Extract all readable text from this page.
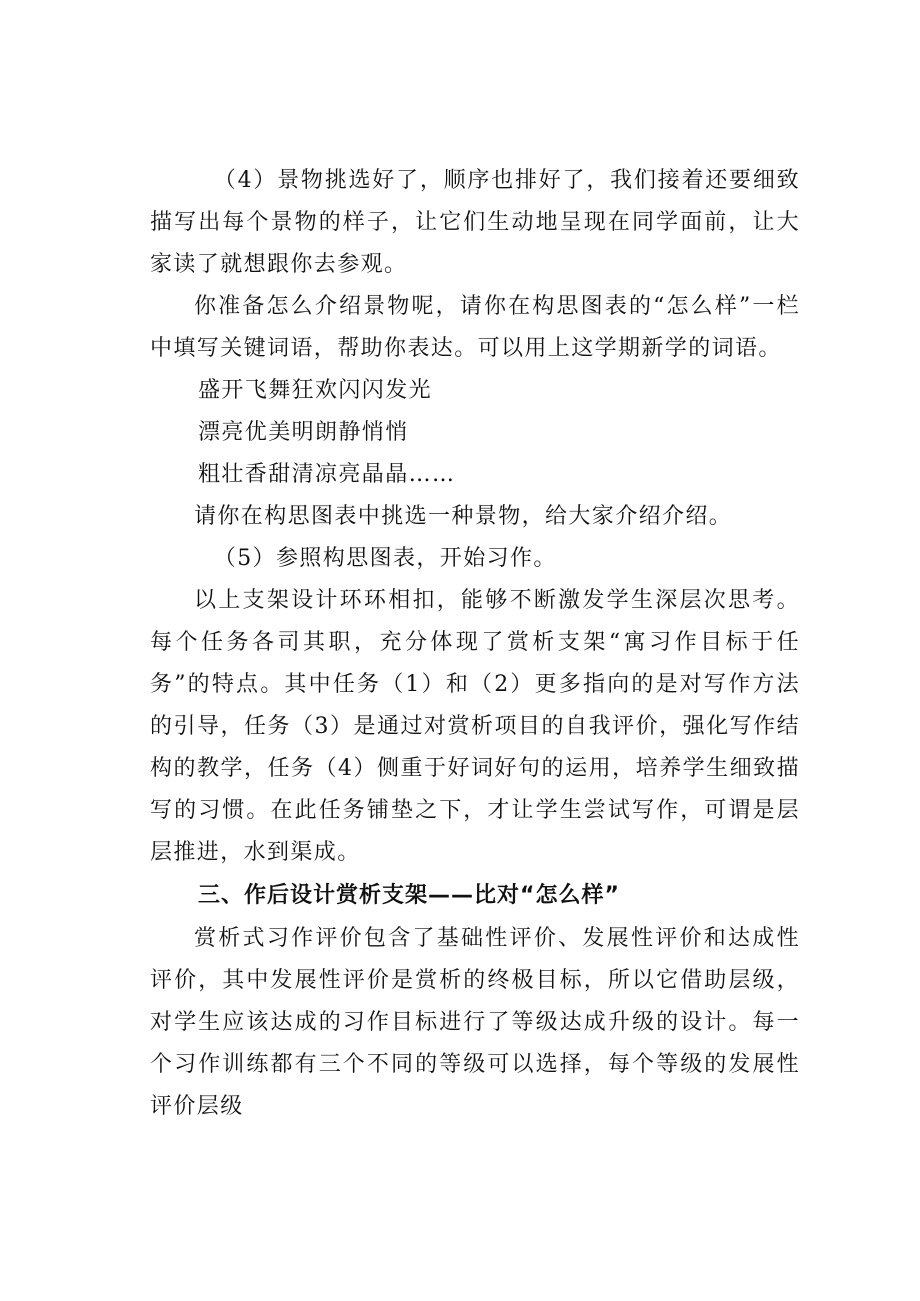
（4）景物挑选好了，顺序也排好了，我们接着还要细致描写出每个景物的样子，让它们生动地呈现在同学面前，让大家读了就想跟你去参观。

你准备怎么介绍景物呢，请你在构思图表的“怎么样”一栏中填写关键词语，帮助你表达。可以用上这学期新学的词语。

盛开飞舞狂欢闪闪发光

漂亮优美明朗静悄悄

粗壮香甜清凉亮晶晶……

请你在构思图表中挑选一种景物，给大家介绍介绍。

（5）参照构思图表，开始习作。

以上支架设计环环相扣，能够不断激发学生深层次思考。每个任务各司其职，充分体现了赏析支架“寓习作目标于任务”的特点。其中任务（1）和（2）更多指向的是对写作方法的引导，任务（3）是通过对赏析项目的自我评价，强化写作结构的教学，任务（4）侧重于好词好句的运用，培养学生细致描写的习惯。在此任务铺垫之下，才让学生尝试写作，可谓是层层推进，水到渠成。

三、作后设计赏析支架——比对“怎么样”

赏析式习作评价包含了基础性评价、发展性评价和达成性评价，其中发展性评价是赏析的终极目标，所以它借助层级，对学生应该达成的习作目标进行了等级达成升级的设计。每一个习作训练都有三个不同的等级可以选择，每个等级的发展性评价层级
